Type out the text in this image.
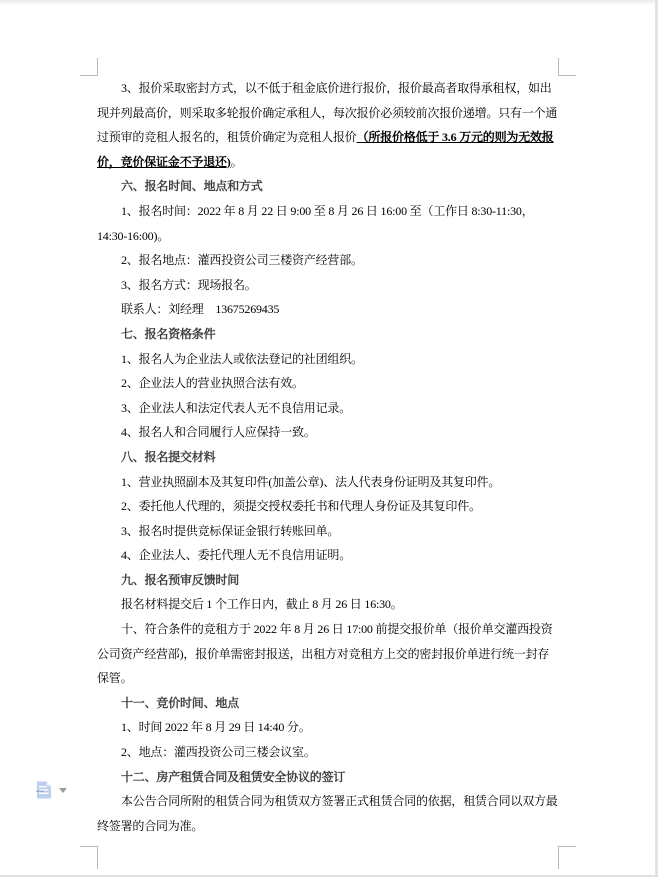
3、报价采取密封方式，以不低于租金底价进行报价，报价最高者取得承租权，如出现并列最高价，则采取多轮报价确定承租人，每次报价必须较前次报价递增。只有一个通过预审的竞租人报名的，租赁价确定为竞租人报价（所报价格低于 3.6 万元的则为无效报价，竞价保证金不予退还)。

六、报名时间、地点和方式

1、报名时间：2022 年 8 月 22 日 9:00 至 8 月 26 日 16:00 至（工作日 8:30-11:30，14:30-16:00)。

2、报名地点：灌西投资公司三楼资产经营部。

3、报名方式：现场报名。

联系人：刘经理　13675269435

七、报名资格条件

1、报名人为企业法人或依法登记的社团组织。

2、企业法人的营业执照合法有效。

3、企业法人和法定代表人无不良信用记录。

4、报名人和合同履行人应保持一致。

八、报名提交材料

1、营业执照副本及其复印件(加盖公章)、法人代表身份证明及其复印件。

2、委托他人代理的，须提交授权委托书和代理人身份证及其复印件。

3、报名时提供竞标保证金银行转账回单。

4、企业法人、委托代理人无不良信用证明。

九、报名预审反馈时间

报名材料提交后 1 个工作日内，截止 8 月 26 日 16:30。

十、符合条件的竞租方于 2022 年 8 月 26 日 17:00 前提交报价单（报价单交灌西投资公司资产经营部)，报价单需密封报送，出租方对竞租方上交的密封报价单进行统一封存保管。

十一、竞价时间、地点

1、时间 2022 年 8 月 29 日 14:40 分。

2、地点：灌西投资公司三楼会议室。

十二、房产租赁合同及租赁安全协议的签订

本公告合同所附的租赁合同为租赁双方签署正式租赁合同的依据，租赁合同以双方最终签署的合同为准。
